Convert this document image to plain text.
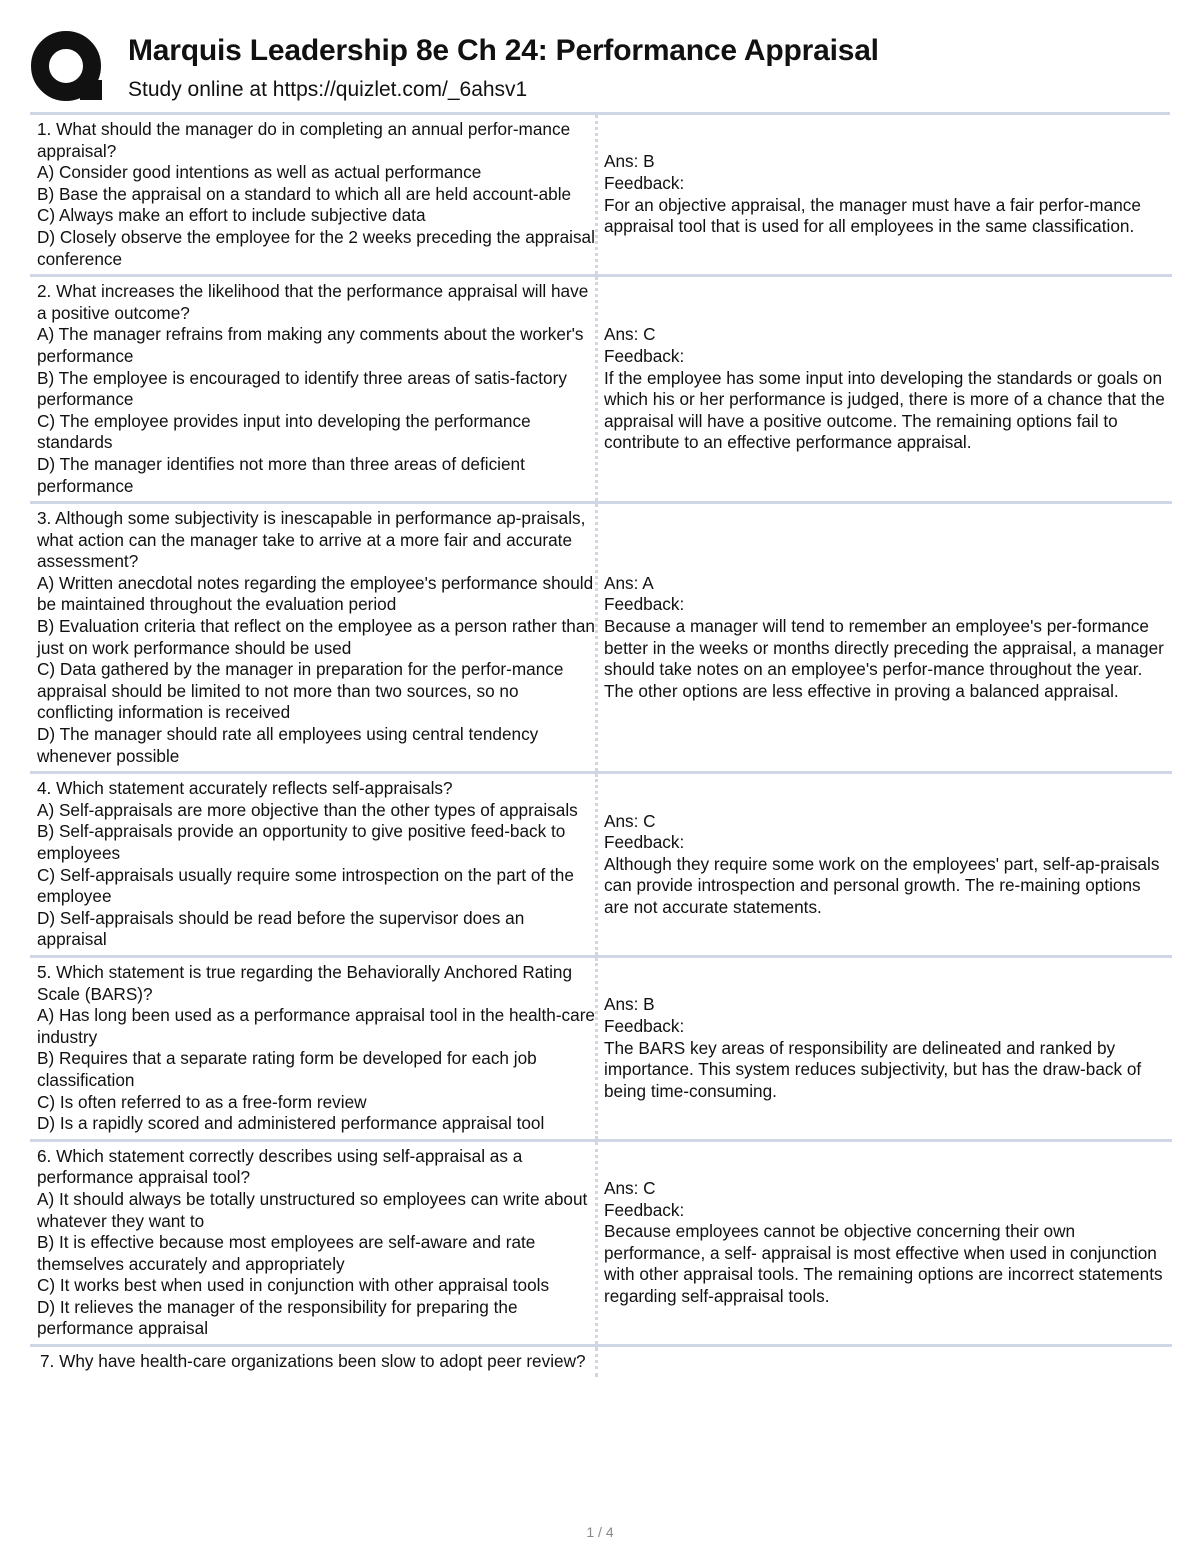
Marquis Leadership 8e Ch 24: Performance Appraisal
Study online at https://quizlet.com/_6ahsv1
1. What should the manager do in completing an annual perfor-mance appraisal?
A) Consider good intentions as well as actual performance
B) Base the appraisal on a standard to which all are held account-able
C) Always make an effort to include subjective data
D) Closely observe the employee for the 2 weeks preceding the appraisal conference
Ans: B
Feedback:
For an objective appraisal, the manager must have a fair perfor-mance appraisal tool that is used for all employees in the same classification.
2. What increases the likelihood that the performance appraisal will have a positive outcome?
A) The manager refrains from making any comments about the worker's performance
B) The employee is encouraged to identify three areas of satis-factory performance
C) The employee provides input into developing the performance standards
D) The manager identifies not more than three areas of deficient performance
Ans: C
Feedback:
If the employee has some input into developing the standards or goals on which his or her performance is judged, there is more of a chance that the appraisal will have a positive outcome. The remaining options fail to contribute to an effective performance appraisal.
3. Although some subjectivity is inescapable in performance ap-praisals, what action can the manager take to arrive at a more fair and accurate assessment?
A) Written anecdotal notes regarding the employee's performance should be maintained throughout the evaluation period
B) Evaluation criteria that reflect on the employee as a person rather than just on work performance should be used
C) Data gathered by the manager in preparation for the perfor-mance appraisal should be limited to not more than two sources, so no conflicting information is received
D) The manager should rate all employees using central tendency whenever possible
Ans: A
Feedback:
Because a manager will tend to remember an employee's per-formance better in the weeks or months directly preceding the appraisal, a manager should take notes on an employee's perfor-mance throughout the year. The other options are less effective in proving a balanced appraisal.
4. Which statement accurately reflects self-appraisals?
A) Self-appraisals are more objective than the other types of appraisals
B) Self-appraisals provide an opportunity to give positive feed-back to employees
C) Self-appraisals usually require some introspection on the part of the employee
D) Self-appraisals should be read before the supervisor does an appraisal
Ans: C
Feedback:
Although they require some work on the employees' part, self-ap-praisals can provide introspection and personal growth. The re-maining options are not accurate statements.
5. Which statement is true regarding the Behaviorally Anchored Rating Scale (BARS)?
A) Has long been used as a performance appraisal tool in the health-care industry
B) Requires that a separate rating form be developed for each job classification
C) Is often referred to as a free-form review
D) Is a rapidly scored and administered performance appraisal tool
Ans: B
Feedback:
The BARS key areas of responsibility are delineated and ranked by importance. This system reduces subjectivity, but has the draw-back of being time-consuming.
6. Which statement correctly describes using self-appraisal as a performance appraisal tool?
A) It should always be totally unstructured so employees can write about whatever they want to
B) It is effective because most employees are self-aware and rate themselves accurately and appropriately
C) It works best when used in conjunction with other appraisal tools
D) It relieves the manager of the responsibility for preparing the performance appraisal
Ans: C
Feedback:
Because employees cannot be objective concerning their own performance, a self- appraisal is most effective when used in conjunction with other appraisal tools. The remaining options are incorrect statements regarding self-appraisal tools.
7. Why have health-care organizations been slow to adopt peer review?
1 / 4
